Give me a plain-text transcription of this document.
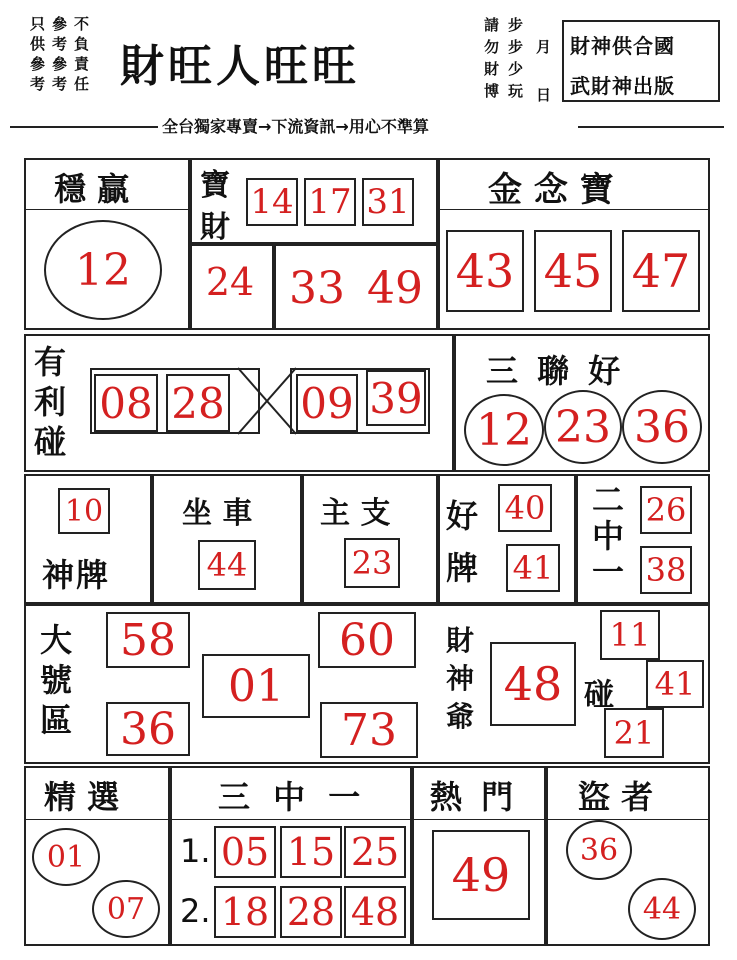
只供參考
參考參考
不負責任 財旺人旺旺
請勿財博
步步少玩
月
日
財神供合國
武財神出版
全台獨家專賣→下流資訊→用心不準算
穩 贏
12
寶
財
14 17 31
24 33 49
金 念 寶
43 45 47
有利碰
08 28 09 39
三 聯 好
12 23 36
10
神牌
坐 車
44
主 支
23
好牌
40
41
二中一
26
38
大號區
58
36
01
60
73
財神爺
48 碰
11
41
21
精 選
01
07
三 中 一
1. 05 15 25
2. 18 28 48
熱 門
49
盜 者
36
44
